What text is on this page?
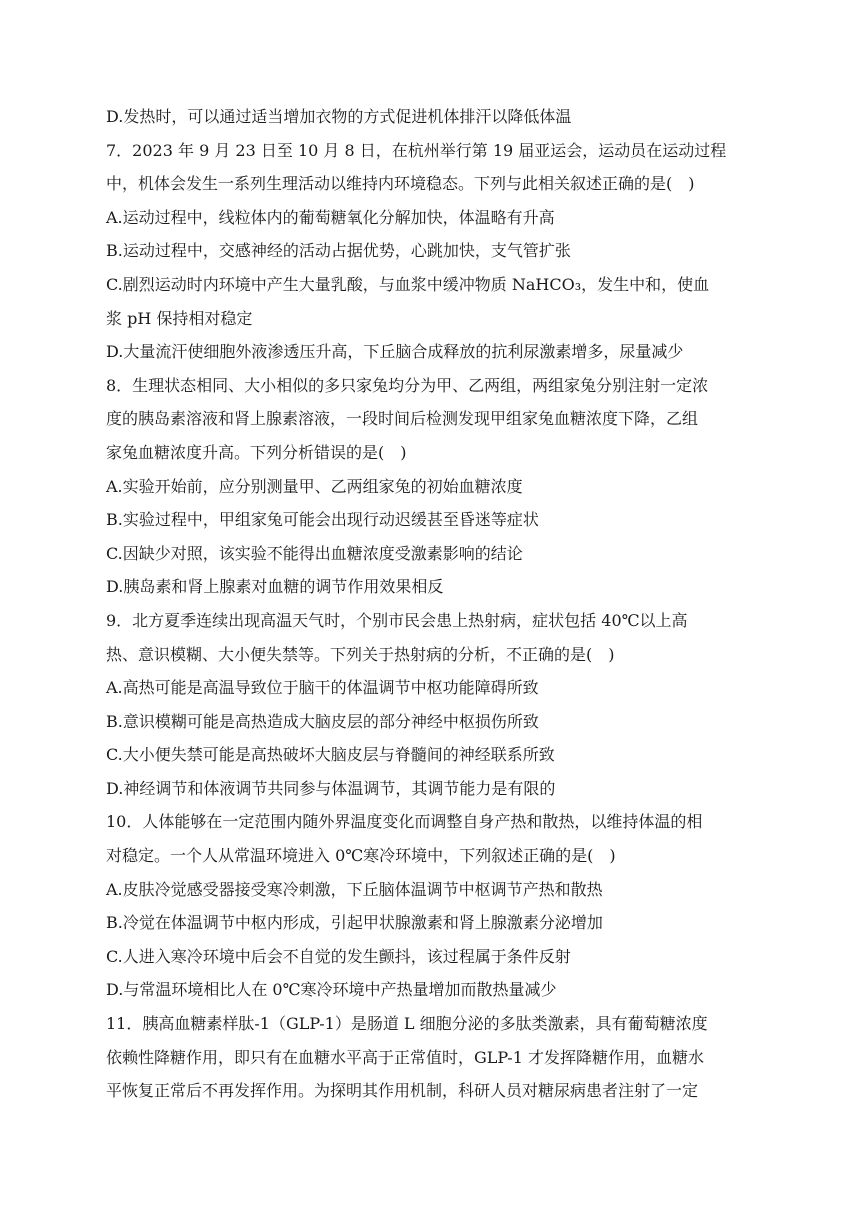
D.发热时，可以通过适当增加衣物的方式促进机体排汗以降低体温

7．2023 年 9 月 23 日至 10 月 8 日，在杭州举行第 19 届亚运会，运动员在运动过程

中，机体会发生一系列生理活动以维持内环境稳态。下列与此相关叙述正确的是(　)

A.运动过程中，线粒体内的葡萄糖氧化分解加快，体温略有升高

B.运动过程中，交感神经的活动占据优势，心跳加快，支气管扩张

C.剧烈运动时内环境中产生大量乳酸，与血浆中缓冲物质 NaHCO₃，发生中和，使血

浆 pH 保持相对稳定

D.大量流汗使细胞外液渗透压升高，下丘脑合成释放的抗利尿激素增多，尿量减少

8．生理状态相同、大小相似的多只家兔均分为甲、乙两组，两组家兔分别注射一定浓

度的胰岛素溶液和肾上腺素溶液，一段时间后检测发现甲组家兔血糖浓度下降，乙组

家兔血糖浓度升高。下列分析错误的是(　)

A.实验开始前，应分别测量甲、乙两组家兔的初始血糖浓度

B.实验过程中，甲组家兔可能会出现行动迟缓甚至昏迷等症状

C.因缺少对照，该实验不能得出血糖浓度受激素影响的结论

D.胰岛素和肾上腺素对血糖的调节作用效果相反

9．北方夏季连续出现高温天气时，个别市民会患上热射病，症状包括 40℃以上高

热、意识模糊、大小便失禁等。下列关于热射病的分析，不正确的是(　)

A.高热可能是高温导致位于脑干的体温调节中枢功能障碍所致

B.意识模糊可能是高热造成大脑皮层的部分神经中枢损伤所致

C.大小便失禁可能是高热破坏大脑皮层与脊髓间的神经联系所致

D.神经调节和体液调节共同参与体温调节，其调节能力是有限的

10．人体能够在一定范围内随外界温度变化而调整自身产热和散热，以维持体温的相

对稳定。一个人从常温环境进入 0℃寒冷环境中，下列叙述正确的是(　)

A.皮肤冷觉感受器接受寒冷刺激，下丘脑体温调节中枢调节产热和散热

B.冷觉在体温调节中枢内形成，引起甲状腺激素和肾上腺激素分泌增加

C.人进入寒冷环境中后会不自觉的发生颤抖，该过程属于条件反射

D.与常温环境相比人在 0℃寒冷环境中产热量增加而散热量减少

11．胰高血糖素样肽-1（GLP-1）是肠道 L 细胞分泌的多肽类激素，具有葡萄糖浓度

依赖性降糖作用，即只有在血糖水平高于正常值时，GLP-1 才发挥降糖作用，血糖水

平恢复正常后不再发挥作用。为探明其作用机制，科研人员对糖尿病患者注射了一定
